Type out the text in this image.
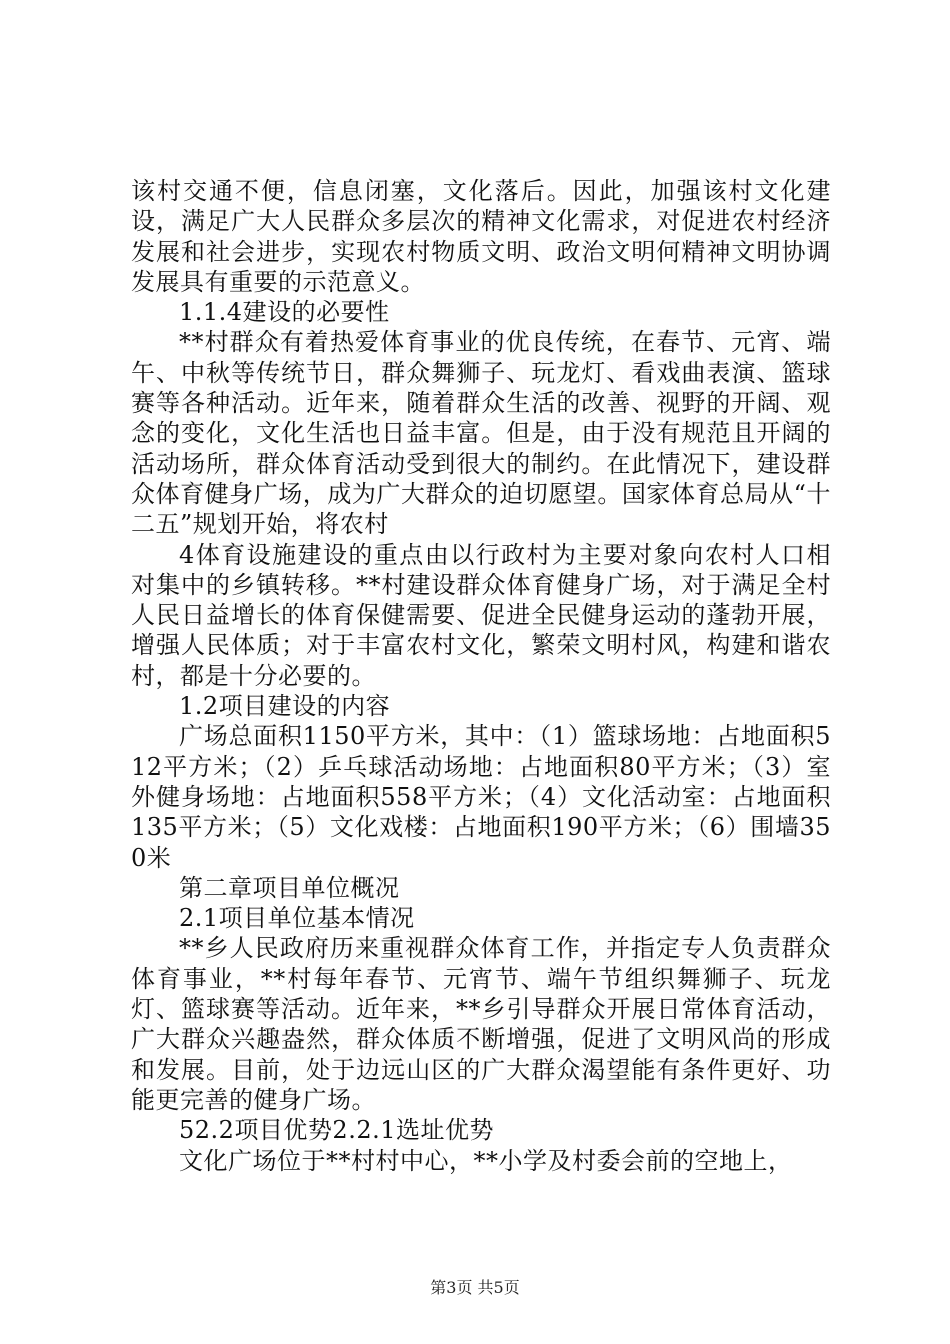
该村交通不便，信息闭塞，文化落后。因此，加强该村文化建设，满足广大人民群众多层次的精神文化需求，对促进农村经济发展和社会进步，实现农村物质文明、政治文明何精神文明协调发展具有重要的示范意义。

1.1.4建设的必要性

**村群众有着热爱体育事业的优良传统，在春节、元宵、端午、中秋等传统节日，群众舞狮子、玩龙灯、看戏曲表演、篮球赛等各种活动。近年来，随着群众生活的改善、视野的开阔、观念的变化，文化生活也日益丰富。但是，由于没有规范且开阔的活动场所，群众体育活动受到很大的制约。在此情况下，建设群众体育健身广场，成为广大群众的迫切愿望。国家体育总局从“十二五”规划开始，将农村

4体育设施建设的重点由以行政村为主要对象向农村人口相对集中的乡镇转移。**村建设群众体育健身广场，对于满足全村人民日益增长的体育保健需要、促进全民健身运动的蓬勃开展，增强人民体质；对于丰富农村文化，繁荣文明村风，构建和谐农村，都是十分必要的。

1.2项目建设的内容

广场总面积1150平方米，其中：（1）篮球场地：占地面积512平方米；（2）乒乓球活动场地：占地面积80平方米；（3）室外健身场地：占地面积558平方米；（4）文化活动室：占地面积135平方米；（5）文化戏楼：占地面积190平方米；（6）围墙350米

第二章项目单位概况

2.1项目单位基本情况

**乡人民政府历来重视群众体育工作，并指定专人负责群众体育事业，**村每年春节、元宵节、端午节组织舞狮子、玩龙灯、篮球赛等活动。近年来，**乡引导群众开展日常体育活动，广大群众兴趣盎然，群众体质不断增强，促进了文明风尚的形成和发展。目前，处于边远山区的广大群众渴望能有条件更好、功能更完善的健身广场。

52.2项目优势2.2.1选址优势

文化广场位于**村村中心，**小学及村委会前的空地上，

第3页 共5页
